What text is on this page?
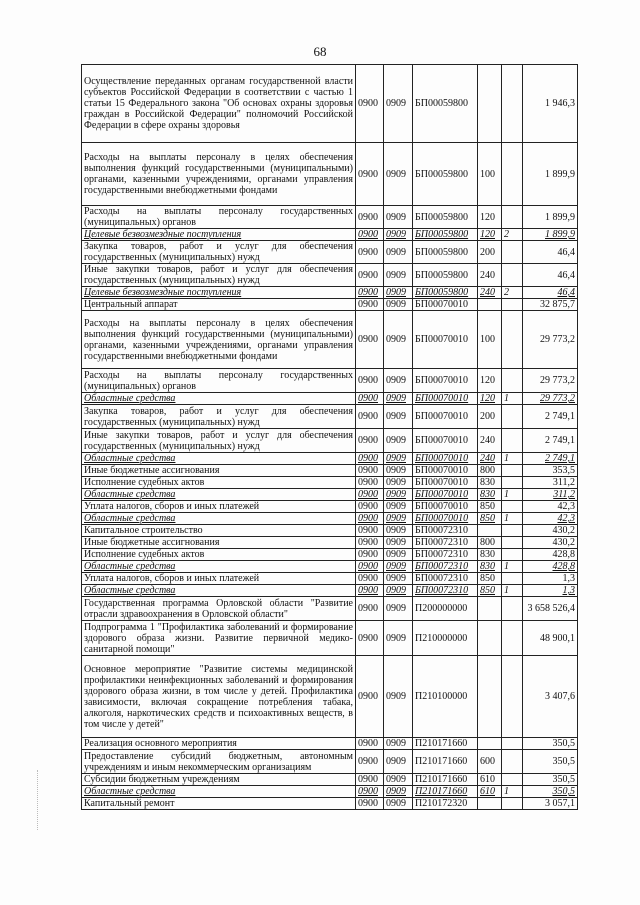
68
Осуществление переданных органам государственной власти субъектов Российской Федерации в соответствии с частью 1 статьи 15 Федерального закона "Об основах охраны здоровья граждан в Российской Федерации" полномочий Российской Федерации в сфере охраны здоровья	0900	0909	БП00059800			1 946,3
Расходы на выплаты персоналу в целях обеспечения выполнения функций государственными (муниципальными) органами, казенными учреждениями, органами управления государственными внебюджетными фондами	0900	0909	БП00059800	100		1 899,9
Расходы на выплаты персоналу государственных (муниципальных) органов	0900	0909	БП00059800	120		1 899,9
Целевые безвозмездные поступления	0900	0909	БП00059800	120	2	1 899,9
Закупка товаров, работ и услуг для обеспечения государственных (муниципальных) нужд	0900	0909	БП00059800	200		46,4
Иные закупки товаров, работ и услуг для обеспечения государственных (муниципальных) нужд	0900	0909	БП00059800	240		46,4
Целевые безвозмездные поступления	0900	0909	БП00059800	240	2	46,4
Центральный аппарат	0900	0909	БП00070010			32 875,7
Расходы на выплаты персоналу в целях обеспечения выполнения функций государственными (муниципальными) органами, казенными учреждениями, органами управления государственными внебюджетными фондами	0900	0909	БП00070010	100		29 773,2
Расходы на выплаты персоналу государственных (муниципальных) органов	0900	0909	БП00070010	120		29 773,2
Областные средства	0900	0909	БП00070010	120	1	29 773,2
Закупка товаров, работ и услуг для обеспечения государственных (муниципальных) нужд	0900	0909	БП00070010	200		2 749,1
Иные закупки товаров, работ и услуг для обеспечения государственных (муниципальных) нужд	0900	0909	БП00070010	240		2 749,1
Областные средства	0900	0909	БП00070010	240	1	2 749,1
Иные бюджетные ассигнования	0900	0909	БП00070010	800		353,5
Исполнение судебных актов	0900	0909	БП00070010	830		311,2
Областные средства	0900	0909	БП00070010	830	1	311,2
Уплата налогов, сборов и иных платежей	0900	0909	БП00070010	850		42,3
Областные средства	0900	0909	БП00070010	850	1	42,3
Капитальное строительство	0900	0909	БП00072310			430,2
Иные бюджетные ассигнования	0900	0909	БП00072310	800		430,2
Исполнение судебных актов	0900	0909	БП00072310	830		428,8
Областные средства	0900	0909	БП00072310	830	1	428,8
Уплата налогов, сборов и иных платежей	0900	0909	БП00072310	850		1,3
Областные средства	0900	0909	БП00072310	850	1	1,3
Государственная программа Орловской области "Развитие отрасли здравоохранения в Орловской области"	0900	0909	П200000000			3 658 526,4
Подпрограмма 1 "Профилактика заболеваний и формирование здорового образа жизни. Развитие первичной медико-санитарной помощи"	0900	0909	П210000000			48 900,1
Основное мероприятие "Развитие системы медицинской профилактики неинфекционных заболеваний и формирования здорового образа жизни, в том числе у детей. Профилактика зависимости, включая сокращение потребления табака, алкоголя, наркотических средств и психоактивных веществ, в том числе у детей"	0900	0909	П210100000			3 407,6
Реализация основного мероприятия	0900	0909	П210171660			350,5
Предоставление субсидий бюджетным, автономным учреждениям и иным некоммерческим организациям	0900	0909	П210171660	600		350,5
Субсидии бюджетным учреждениям	0900	0909	П210171660	610		350,5
Областные средства	0900	0909	П210171660	610	1	350,5
Капитальный ремонт	0900	0909	П210172320			3 057,1
